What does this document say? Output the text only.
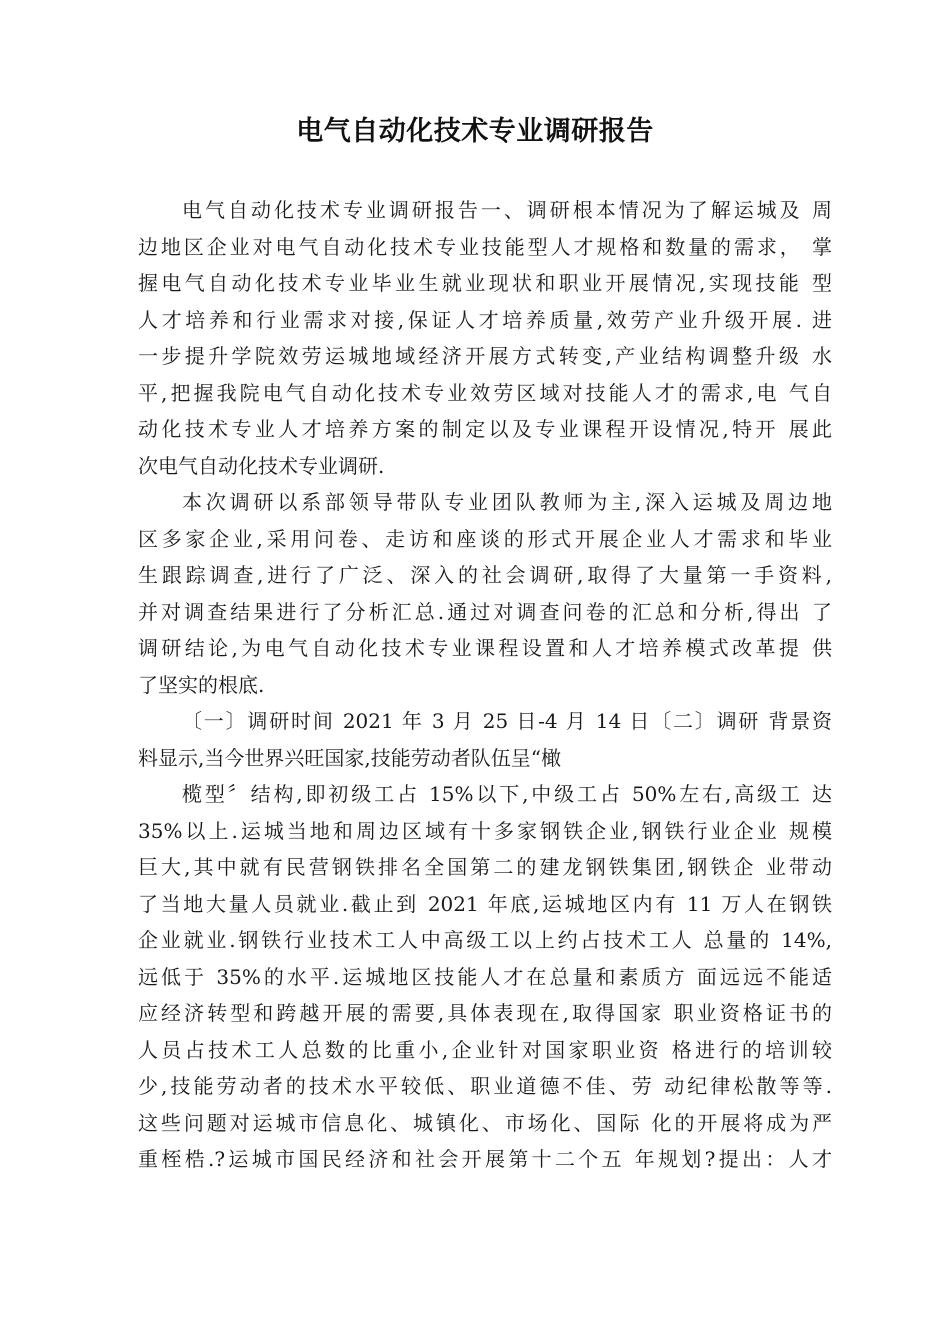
电气自动化技术专业调研报告
电气自动化技术专业调研报告一、调研根本情况为了解运城及 周
边地区企业对电气自动化技术专业技能型人才规格和数量的需求， 掌
握电气自动化技术专业毕业生就业现状和职业开展情况,实现技能 型
人才培养和行业需求对接,保证人才培养质量,效劳产业升级开展. 进
一步提升学院效劳运城地域经济开展方式转变,产业结构调整升级 水
平,把握我院电气自动化技术专业效劳区域对技能人才的需求,电 气自
动化技术专业人才培养方案的制定以及专业课程开设情况,特开 展此
次电气自动化技术专业调研.
本次调研以系部领导带队专业团队教师为主,深入运城及周边地
区多家企业,采用问卷、走访和座谈的形式开展企业人才需求和毕业
生跟踪调查,进行了广泛、深入的社会调研,取得了大量第一手资料,
并对调查结果进行了分析汇总.通过对调查问卷的汇总和分析,得出 了
调研结论,为电气自动化技术专业课程设置和人才培养模式改革提 供
了坚实的根底.
〔一〕调研时间 2021 年 3 月 25 日-4 月 14 日〔二〕调研 背景资
料显示,当今世界兴旺国家,技能劳动者队伍呈“橄
榄型〞结构,即初级工占 15%以下,中级工占 50%左右,高级工 达
35%以上.运城当地和周边区域有十多家钢铁企业,钢铁行业企业 规模
巨大,其中就有民营钢铁排名全国第二的建龙钢铁集团,钢铁企 业带动
了当地大量人员就业.截止到 2021 年底,运城地区内有 11 万人在钢铁
企业就业.钢铁行业技术工人中高级工以上约占技术工人 总量的 14%,
远低于 35%的水平.运城地区技能人才在总量和素质方 面远远不能适
应经济转型和跨越开展的需要,具体表现在,取得国家 职业资格证书的
人员占技术工人总数的比重小,企业针对国家职业资 格进行的培训较
少,技能劳动者的技术水平较低、职业道德不佳、劳 动纪律松散等等.
这些问题对运城市信息化、城镇化、市场化、国际 化的开展将成为严
重桎梏.?运城市国民经济和社会开展第十二个五 年规划?提出：人才
